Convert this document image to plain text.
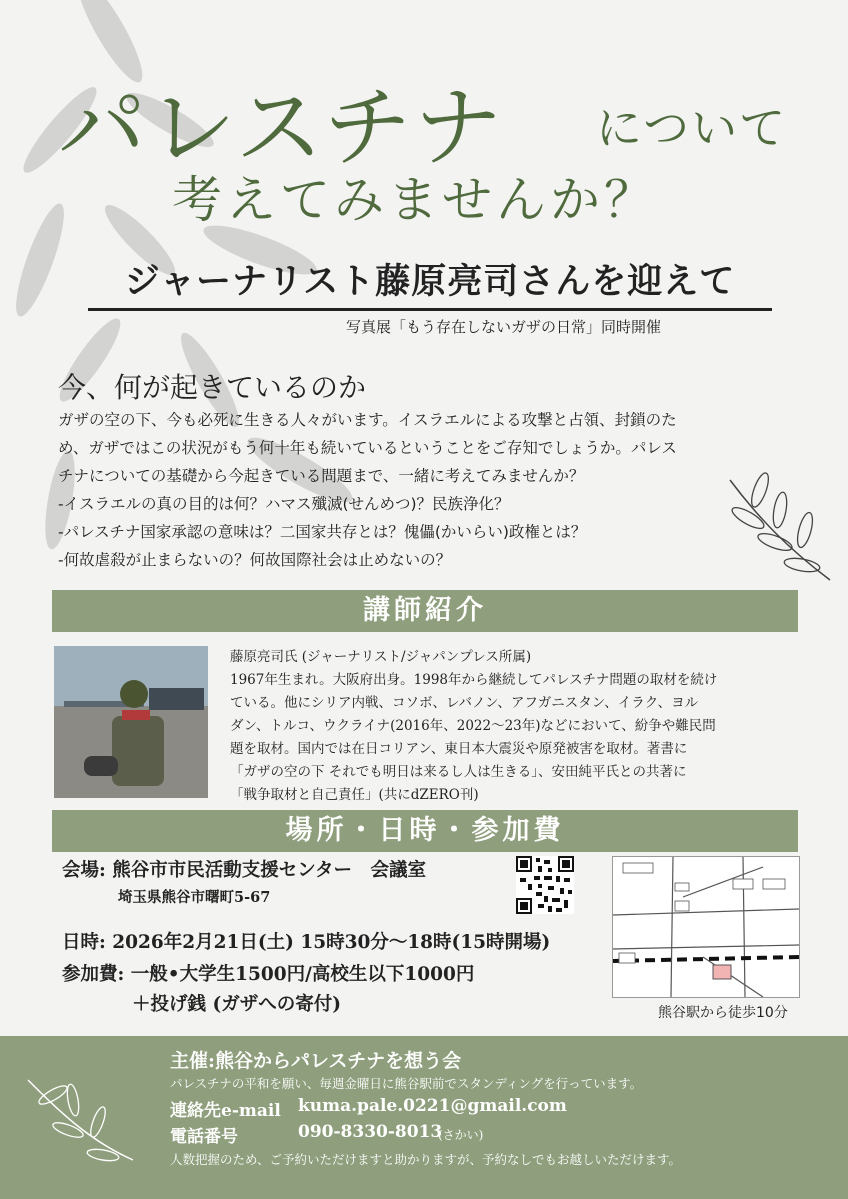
パレスチナ について
考えてみませんか？
ジャーナリスト藤原亮司さんを迎えて
写真展「もう存在しないガザの日常」同時開催
今、何が起きているのか

ガザの空の下、今も必死に生きる人々がいます。イスラエルによる攻撃と占領、封鎖のた

め、ガザではこの状況がもう何十年も続いているということをご存知でしょうか。パレス

チナについての基礎から今起きている問題まで、一緒に考えてみませんか？

-イスラエルの真の目的は何？ハマス殲滅(せんめつ)？民族浄化？

-パレスチナ国家承認の意味は？二国家共存とは？傀儡(かいらい)政権とは？

-何故虐殺が止まらないの？何故国際社会は止めないの？

講師紹介

藤原亮司氏 (ジャーナリスト/ジャパンプレス所属)

1967年生まれ。大阪府出身。1998年から継続してパレスチナ問題の取材を続け

ている。他にシリア内戦、コソボ、レバノン、アフガニスタン、イラク、ヨル

ダン、トルコ、ウクライナ(2016年、2022～23年)などにおいて、紛争や難民問

題を取材。国内では在日コリアン、東日本大震災や原発被害を取材。著書に

「ガザの空の下 それでも明日は来るし人は生きる」、安田純平氏との共著に

「戦争取材と自己責任」(共にdZERO刊)

場所・日時・参加費
会場: 熊谷市市民活動支援センター　会議室
埼玉県熊谷市曙町5-67
熊谷駅から徒歩10分
日時: 2026年2月21日(土) 15時30分～18時(15時開場)
参加費: 一般•大学生1500円/高校生以下1000円
＋投げ銭 (ガザへの寄付)
主催:熊谷からパレスチナを想う会
パレスチナの平和を願い、毎週金曜日に熊谷駅前でスタンディングを行っています。
連絡先e-mail kuma.pale.0221@gmail.com
電話番号	090-8330-8013
(さかい)
人数把握のため、ご予約いただけますと助かりますが、予約なしでもお越しいただけます。
